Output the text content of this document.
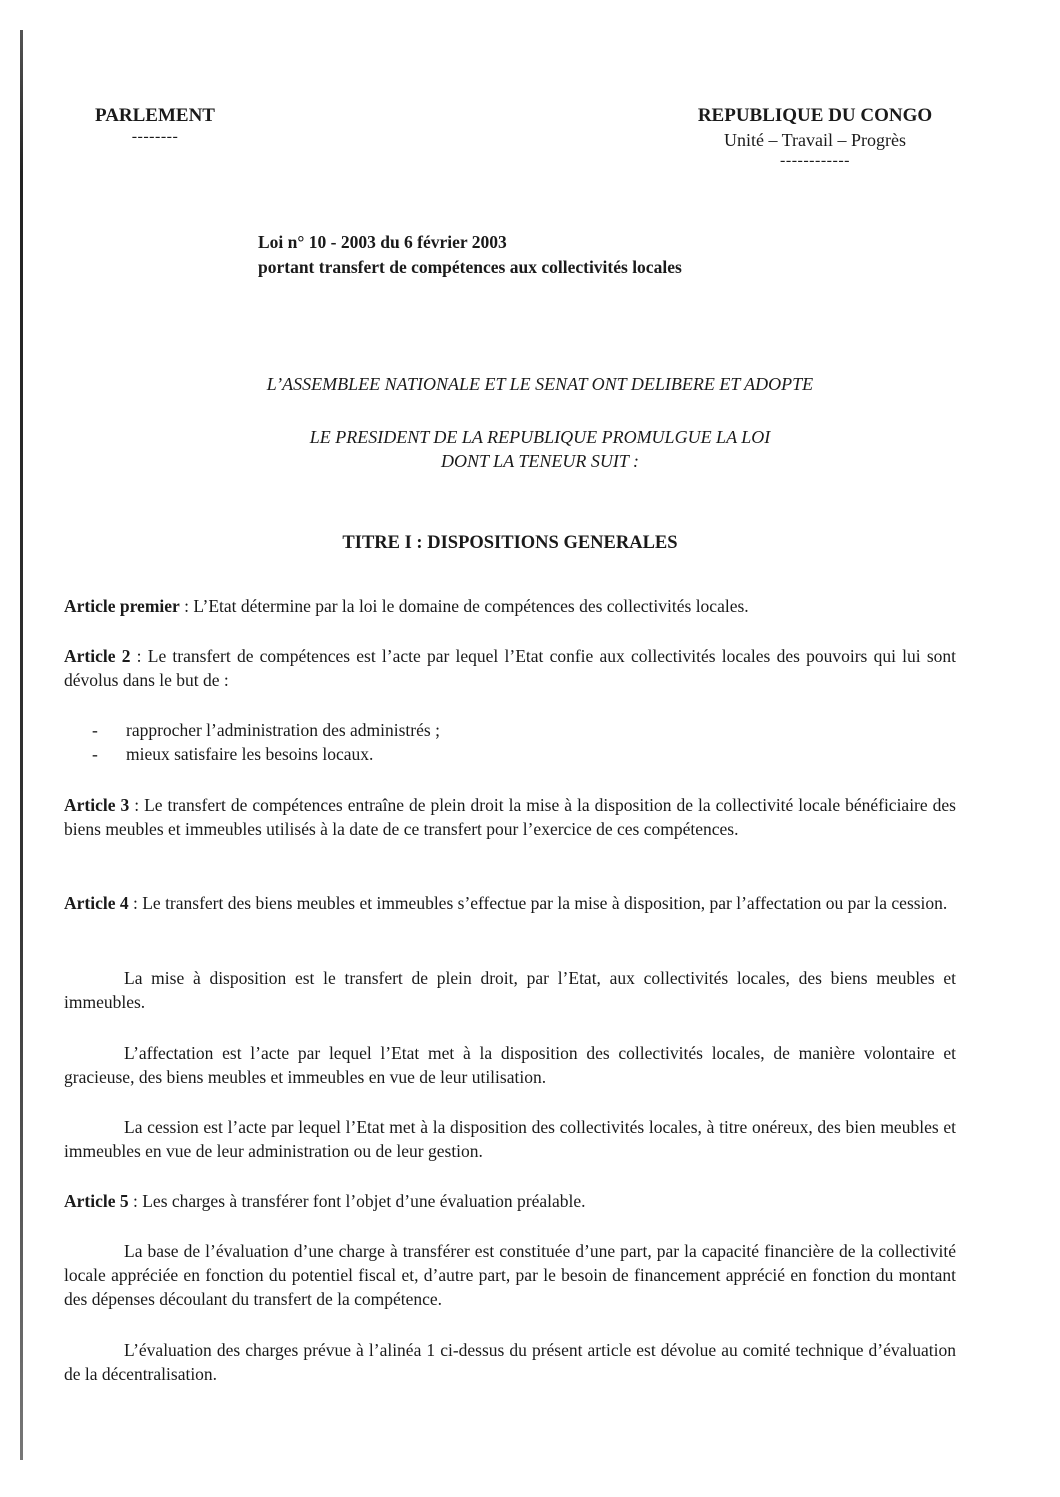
PARLEMENT
--------
REPUBLIQUE DU CONGO
Unité – Travail – Progrès
------------
Loi n° 10 - 2003 du 6 février 2003
portant transfert de compétences aux collectivités locales
L’ASSEMBLEE NATIONALE ET LE SENAT ONT DELIBERE ET ADOPTE
LE PRESIDENT DE LA REPUBLIQUE PROMULGUE LA LOI
DONT LA TENEUR SUIT :
TITRE I : DISPOSITIONS GENERALES
Article premier : L’Etat détermine par la loi le domaine de compétences des collectivités locales.
Article 2 : Le transfert de compétences est l’acte par lequel l’Etat confie aux collectivités locales des pouvoirs qui lui sont dévolus dans le but de :
- rapprocher l’administration des administrés ;
- mieux satisfaire les besoins locaux.
Article 3 : Le transfert de compétences entraîne de plein droit la mise à la disposition de la collectivité locale bénéficiaire des biens meubles et immeubles utilisés à la date de ce transfert pour l’exercice de ces compétences.
Article 4 : Le transfert des biens meubles et immeubles s’effectue par la mise à disposition, par l’affectation ou par la cession.
La mise à disposition est le transfert de plein droit, par l’Etat, aux collectivités locales, des biens meubles et immeubles.
L’affectation est l’acte par lequel l’Etat met à la disposition des collectivités locales, de manière volontaire et gracieuse, des biens meubles et immeubles en vue de leur utilisation.
La cession est l’acte par lequel l’Etat met à la disposition des collectivités locales, à titre onéreux, des bien meubles et immeubles en vue de leur administration ou de leur gestion.
Article 5 : Les charges à transférer font l’objet d’une évaluation préalable.
La base de l’évaluation d’une charge à transférer est constituée d’une part, par la capacité financière de la collectivité locale appréciée en fonction du potentiel fiscal et, d’autre part, par le besoin de financement apprécié en fonction du montant des dépenses découlant du transfert de la compétence.
L’évaluation des charges prévue à l’alinéa 1 ci-dessus du présent article est dévolue au comité technique d’évaluation de la décentralisation.
